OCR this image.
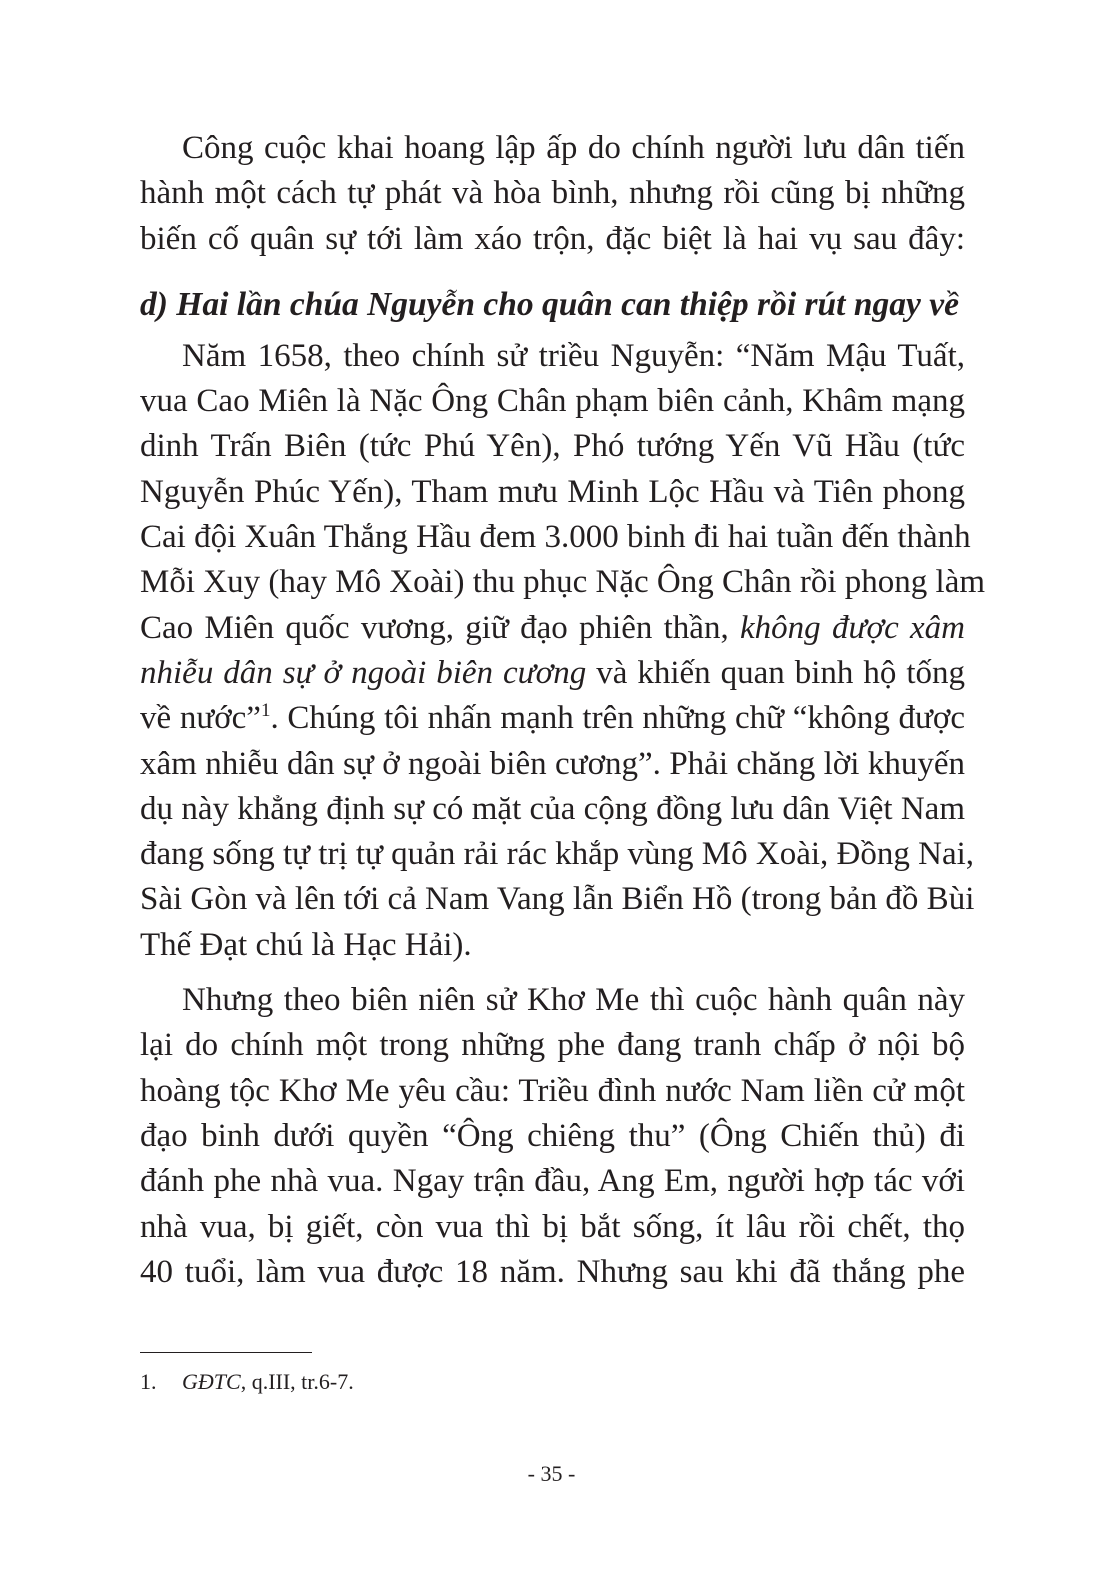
Công cuộc khai hoang lập ấp do chính người lưu dân tiến
hành một cách tự phát và hòa bình, nhưng rồi cũng bị những
biến cố quân sự tới làm xáo trộn, đặc biệt là hai vụ sau đây:
d) Hai lần chúa Nguyễn cho quân can thiệp rồi rút ngay về
Năm 1658, theo chính sử triều Nguyễn: “Năm Mậu Tuất,
vua Cao Miên là Nặc Ông Chân phạm biên cảnh, Khâm mạng
dinh Trấn Biên (tức Phú Yên), Phó tướng Yến Vũ Hầu (tức
Nguyễn Phúc Yến), Tham mưu Minh Lộc Hầu và Tiên phong
Cai đội Xuân Thắng Hầu đem 3.000 binh đi hai tuần đến thành
Mỗi Xuy (hay Mô Xoài) thu phục Nặc Ông Chân rồi phong làm
Cao Miên quốc vương, giữ đạo phiên thần, không được xâm
nhiễu dân sự ở ngoài biên cương và khiến quan binh hộ tống
về nước”$^1$. Chúng tôi nhấn mạnh trên những chữ “không được
xâm nhiễu dân sự ở ngoài biên cương”. Phải chăng lời khuyến
dụ này khẳng định sự có mặt của cộng đồng lưu dân Việt Nam
đang sống tự trị tự quản rải rác khắp vùng Mô Xoài, Đồng Nai,
Sài Gòn và lên tới cả Nam Vang lẫn Biển Hồ (trong bản đồ Bùi
Thế Đạt chú là Hạc Hải).
Nhưng theo biên niên sử Khơ Me thì cuộc hành quân này
lại do chính một trong những phe đang tranh chấp ở nội bộ
hoàng tộc Khơ Me yêu cầu: Triều đình nước Nam liền cử một
đạo binh dưới quyền “Ông chiêng thu” (Ông Chiến thủ) đi
đánh phe nhà vua. Ngay trận đầu, Ang Em, người hợp tác với
nhà vua, bị giết, còn vua thì bị bắt sống, ít lâu rồi chết, thọ
40 tuổi, làm vua được 18 năm. Nhưng sau khi đã thắng phe
1. GĐTC, q.III, tr.6-7.
- 35 -
